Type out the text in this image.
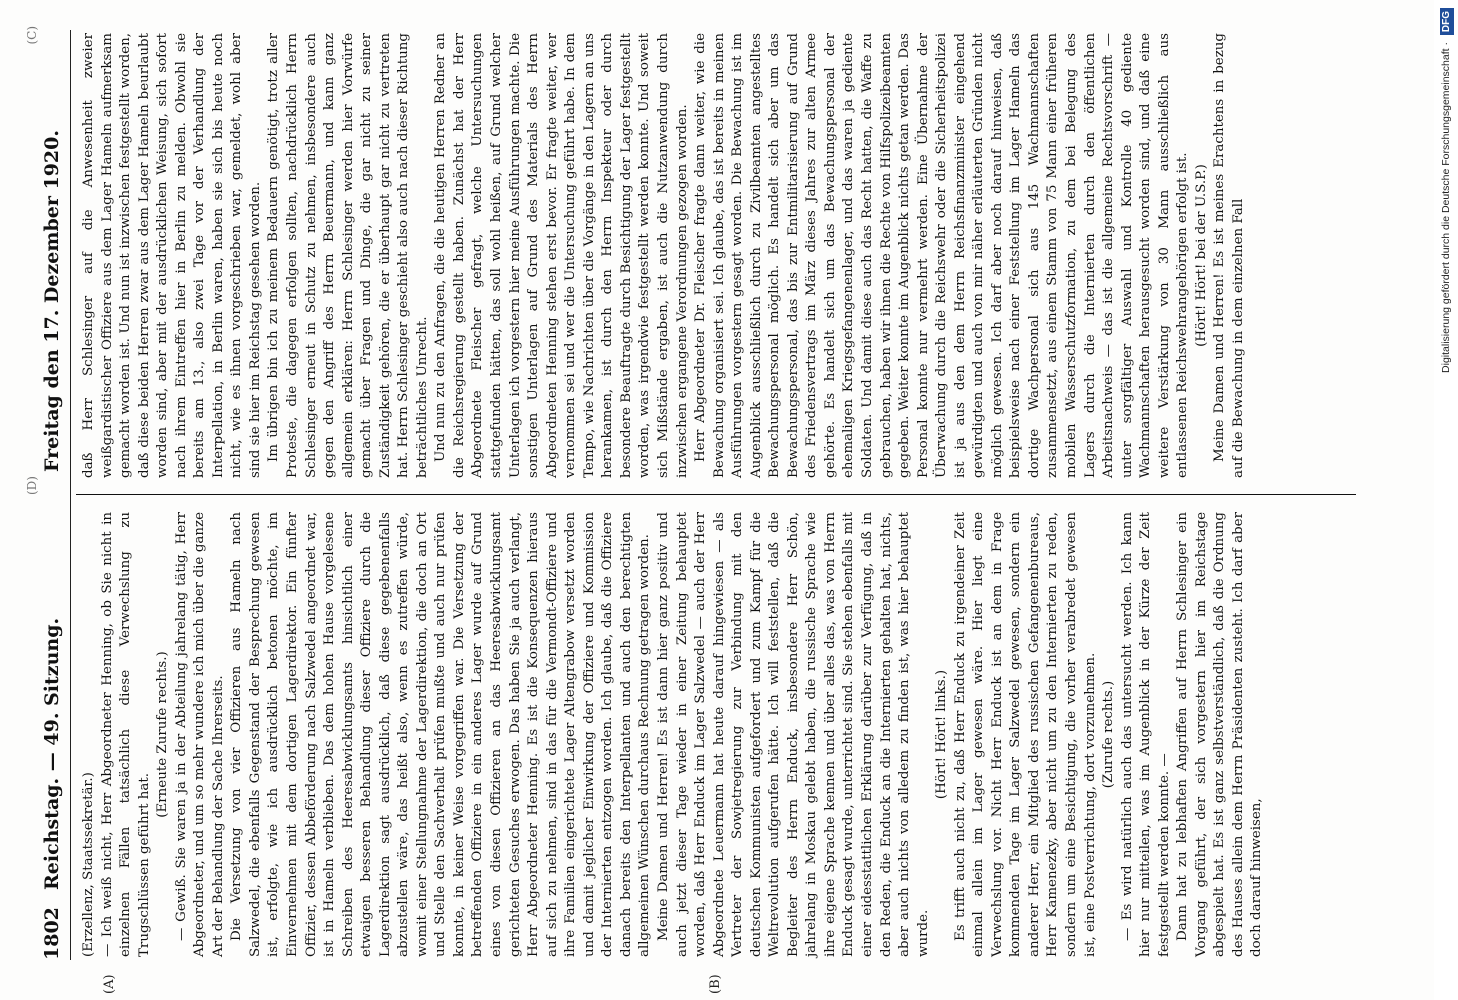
1802
Reichstag. — 49. Sitzung.
(D)
Freitag den 17. Dezember 1920.
(C)
(A)	(B)

(Erzellenz, Staatssekretär.) — Ich weiß nicht, Herr Abgeordneter Henning, ob Sie nicht in einzelnen Fällen tatsächlich diese Verwechslung zu Trugschlüssen geführt hat.

(Erneute Zurufe rechts.) — Gewiß. Sie waren ja in der Abteilung jahrelang tätig, Herr Abgeordneter, und um so mehr wundere ich mich über die ganze Art der Behandlung der Sache Ihrerseits. Die Versetzung von vier Offizieren aus Hameln nach Salzwedel, die ebenfalls Gegenstand der Besprechung gewesen ist, erfolgte, wie ich ausdrücklich betonen möchte, im Einvernehmen mit dem dortigen Lagerdirektor. Ein fünfter Offizier, dessen Abbeförderung nach Salzwedel angeordnet war, ist in Hameln verblieben. Das dem hohen Hause vorgelesene Schreiben des Heeresabwicklungsamts hinsichtlich einer etwaigen besseren Behandlung dieser Offiziere durch die Lagerdirektion sagt ausdrücklich, daß diese gegebenenfalls abzustellen wäre, das heißt also, wenn es zutreffen würde, womit einer Stellungnahme der Lagerdirektion, die doch an Ort und Stelle den Sachverhalt prüfen mußte und auch nur prüfen konnte, in keiner Weise vorgegriffen war. Die Versetzung der betreffenden Offiziere in ein anderes Lager wurde auf Grund eines von diesen Offizieren an das Heeresabwicklungsamt gerichteten Gesuches erwogen. Das haben Sie ja auch verlangt, Herr Abgeordneter Henning. Es ist die Konsequenzen hieraus auf sich zu nehmen, sind in das für die Vermondt-Offiziere und ihre Familien eingerichtete Lager Altengrabow versetzt worden und damit jeglicher Einwirkung der Offiziere und Kommission der Internierten entzogen worden. Ich glaube, daß die Offiziere danach bereits den Interpellanten und auch den berechtigten allgemeinen Wünschen durchaus Rechnung getragen worden. Meine Damen und Herren! Es ist dann hier ganz positiv und auch jetzt dieser Tage wieder in einer Zeitung behauptet worden, daß Herr Enduck im Lager Salzwedel — auch der Herr Abgeordnete Leuermann hat heute darauf hingewiesen — als Vertreter der Sowjetregierung zur Verbindung mit den deutschen Kommunisten aufgefordert und zum Kampf für die Weltrevolution aufgerufen hätte. Ich will feststellen, daß die Begleiter des Herrn Enduck, insbesondere Herr Schön, jahrelang in Moskau gelebt haben, die russische Sprache wie ihre eigene Sprache kennen und über alles das, was von Herrn Enduck gesagt wurde, unterrichtet sind. Sie stehen ebenfalls mit einer eidesstattlichen Erklärung darüber zur Verfügung, daß in den Reden, die Enduck an die Internierten gehalten hat, nichts, aber auch nichts von alledem zu finden ist, was hier behauptet wurde.

(Hört! Hört! links.) Es trifft auch nicht zu, daß Herr Enduck zu irgendeiner Zeit einmal allein im Lager gewesen wäre. Hier liegt eine Verwechslung vor. Nicht Herr Enduck ist an dem in Frage kommenden Tage im Lager Salzwedel gewesen, sondern ein anderer Herr, ein Mitglied des russischen Gefangenenbureaus, Herr Kamenezky, aber nicht um zu den Internierten zu reden, sondern um eine Besichtigung, die vorher verabredet gewesen ist, eine Postverrichtung, dort vorzunehmen. (Zurufe rechts.) — Es wird natürlich auch das untersucht werden. Ich kann hier nur mitteilen, was im Augenblick in der Kürze der Zeit festgestellt werden konnte. — Dann hat zu lebhaften Angriffen auf Herrn Schlesinger ein Vorgang geführt, der sich vorgestern hier im Reichstage abgespielt hat. Es ist ganz selbstverständlich, daß die Ordnung des Hauses allein dem Herrn Präsidenten zusteht. Ich darf aber doch darauf hinweisen,

daß Herr Schlesinger auf die Anwesenheit zweier weißgardistischer Offiziere aus dem Lager Hameln aufmerksam gemacht worden ist. Und nun ist inzwischen festgestellt worden, daß diese beiden Herren zwar aus dem Lager Hameln beurlaubt worden sind, aber mit der ausdrücklichen Weisung, sich sofort nach ihrem Eintreffen hier in Berlin zu melden. Obwohl sie bereits am 13., also zwei Tage vor der Verhandlung der Interpellation, in Berlin waren, haben sie sich bis heute noch nicht, wie es ihnen vorgeschrieben war, gemeldet, wohl aber sind sie hier im Reichstag gesehen worden. Im übrigen bin ich zu meinem Bedauern genötigt, trotz aller Proteste, die dagegen erfolgen sollten, nachdrücklich Herrn Schlesinger erneut in Schutz zu nehmen, insbesondere auch gegen den Angriff des Herrn Beuermann, und kann ganz allgemein erklären: Herrn Schlesinger werden hier Vorwürfe gemacht über Fragen und Dinge, die gar nicht zu seiner Zuständigkeit gehören, die er überhaupt gar nicht zu vertreten hat. Herrn Schlesinger geschieht also auch nach dieser Richtung beträchtliches Unrecht. Und nun zu den Anfragen, die die heutigen Herren Redner an die Reichsregierung gestellt haben. Zunächst hat der Herr Abgeordnete Fleischer gefragt, welche Untersuchungen stattgefunden hätten, das soll wohl heißen, auf Grund welcher Unterlagen ich vorgestern hier meine Ausführungen machte. Die sonstigen Unterlagen auf Grund des Materials des Herrn Abgeordneten Henning stehen erst bevor. Er fragte weiter, wer vernommen sei und wer die Untersuchung geführt habe. In dem Tempo, wie Nachrichten über die Vorgänge in den Lagern an uns herankamen, ist durch den Herrn Inspekteur oder durch besondere Beauftragte durch Besichtigung der Lager festgestellt worden, was irgendwie festgestellt werden konnte. Und soweit sich Mißstände ergaben, ist auch die Nutzanwendung durch inzwischen ergangene Verordnungen gezogen worden. Herr Abgeordneter Dr. Fleischer fragte dann weiter, wie die Bewachung organisiert sei. Ich glaube, das ist bereits in meinen Ausführungen vorgestern gesagt worden. Die Bewachung ist im Augenblick ausschließlich durch zu Zivilbeamten angestelltes Bewachungspersonal möglich. Es handelt sich aber um das Bewachungspersonal, das bis zur Entmilitarisierung auf Grund des Friedensvertrags im März dieses Jahres zur alten Armee gehörte. Es handelt sich um das Bewachungspersonal der ehemaligen Kriegsgefangenenlager, und das waren ja gediente Soldaten. Und damit diese auch das Recht hatten, die Waffe zu gebrauchen, haben wir ihnen die Rechte von Hilfspolizeibeamten gegeben. Weiter konnte im Augenblick nichts getan werden. Das Personal konnte nur vermehrt werden. Eine Übernahme der Überwachung durch die Reichswehr oder die Sicherheitspolizei ist ja aus den dem Herrn Reichsfinanzminister eingehend gewürdigten und auch von mir näher erläuterten Gründen nicht möglich gewesen. Ich darf aber noch darauf hinweisen, daß beispielsweise nach einer Feststellung im Lager Hameln das dortige Wachpersonal sich aus 145 Wachmannschaften zusammensetzt, aus einem Stamm von 75 Mann einer früheren mobilen Wasserschutzformation, zu dem bei Belegung des Lagers durch die Internierten durch den öffentlichen Arbeitsnachweis — das ist die allgemeine Rechtsvorschrift — unter sorgfältiger Auswahl und Kontrolle 40 gediente Wachmannschaften herausgesucht worden sind, und daß eine weitere Verstärkung von 30 Mann ausschließlich aus entlassenen Reichswehrangehörigen erfolgt ist. (Hört! Hört! bei der U.S.P.) Meine Damen und Herren! Es ist meines Erachtens in bezug auf die Bewachung in dem einzelnen Fall	Digitalisierung gefördert durch die Deutsche Forschungsgemeinschaft · DFG
